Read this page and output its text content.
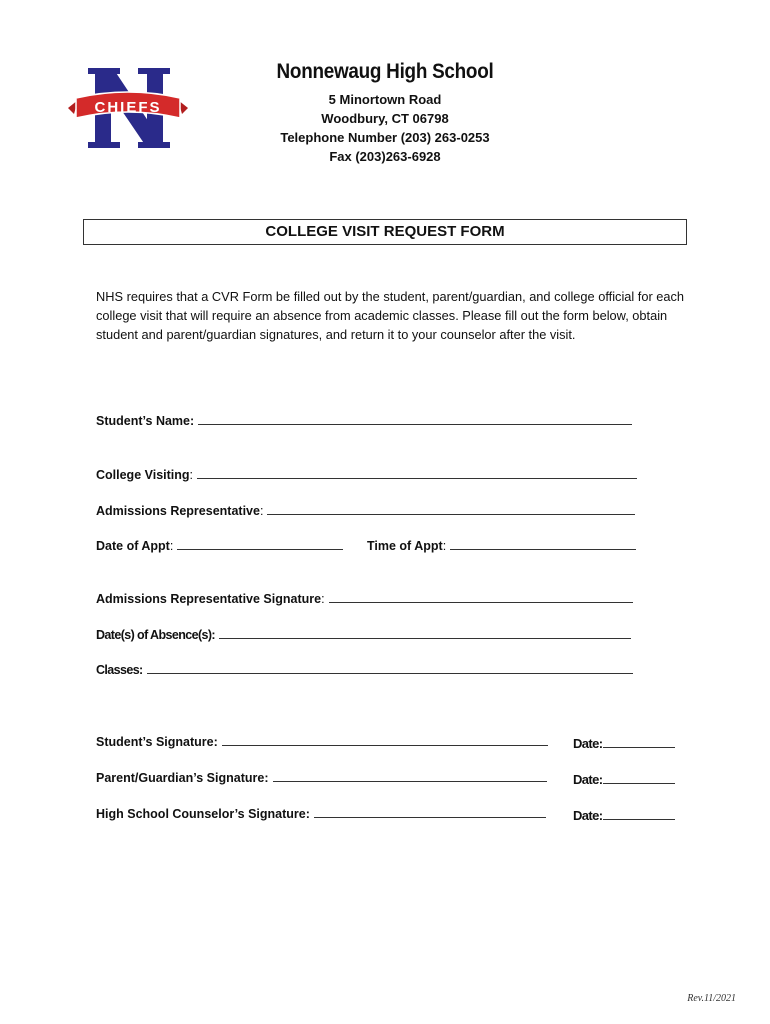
CHIEFS
Nonnewaug High School
5 Minortown Road
Woodbury, CT 06798
Telephone Number (203) 263-0253
Fax (203)263-6928
COLLEGE VISIT REQUEST FORM
NHS requires that a CVR Form be filled out by the student, parent/guardian, and college official for each college visit that will require an absence from academic classes. Please fill out the form below, obtain student and parent/guardian signatures, and return it to your counselor after the visit.
Student’s Name:
College Visiting:
Admissions Representative:
Date of Appt:	Time of Appt:
Admissions Representative Signature:
Date(s) of Absence(s):
Classes:
Student’s Signature:	Date:
Parent/Guardian’s Signature:	Date:
High School Counselor’s Signature:	Date:
Rev.11/2021
